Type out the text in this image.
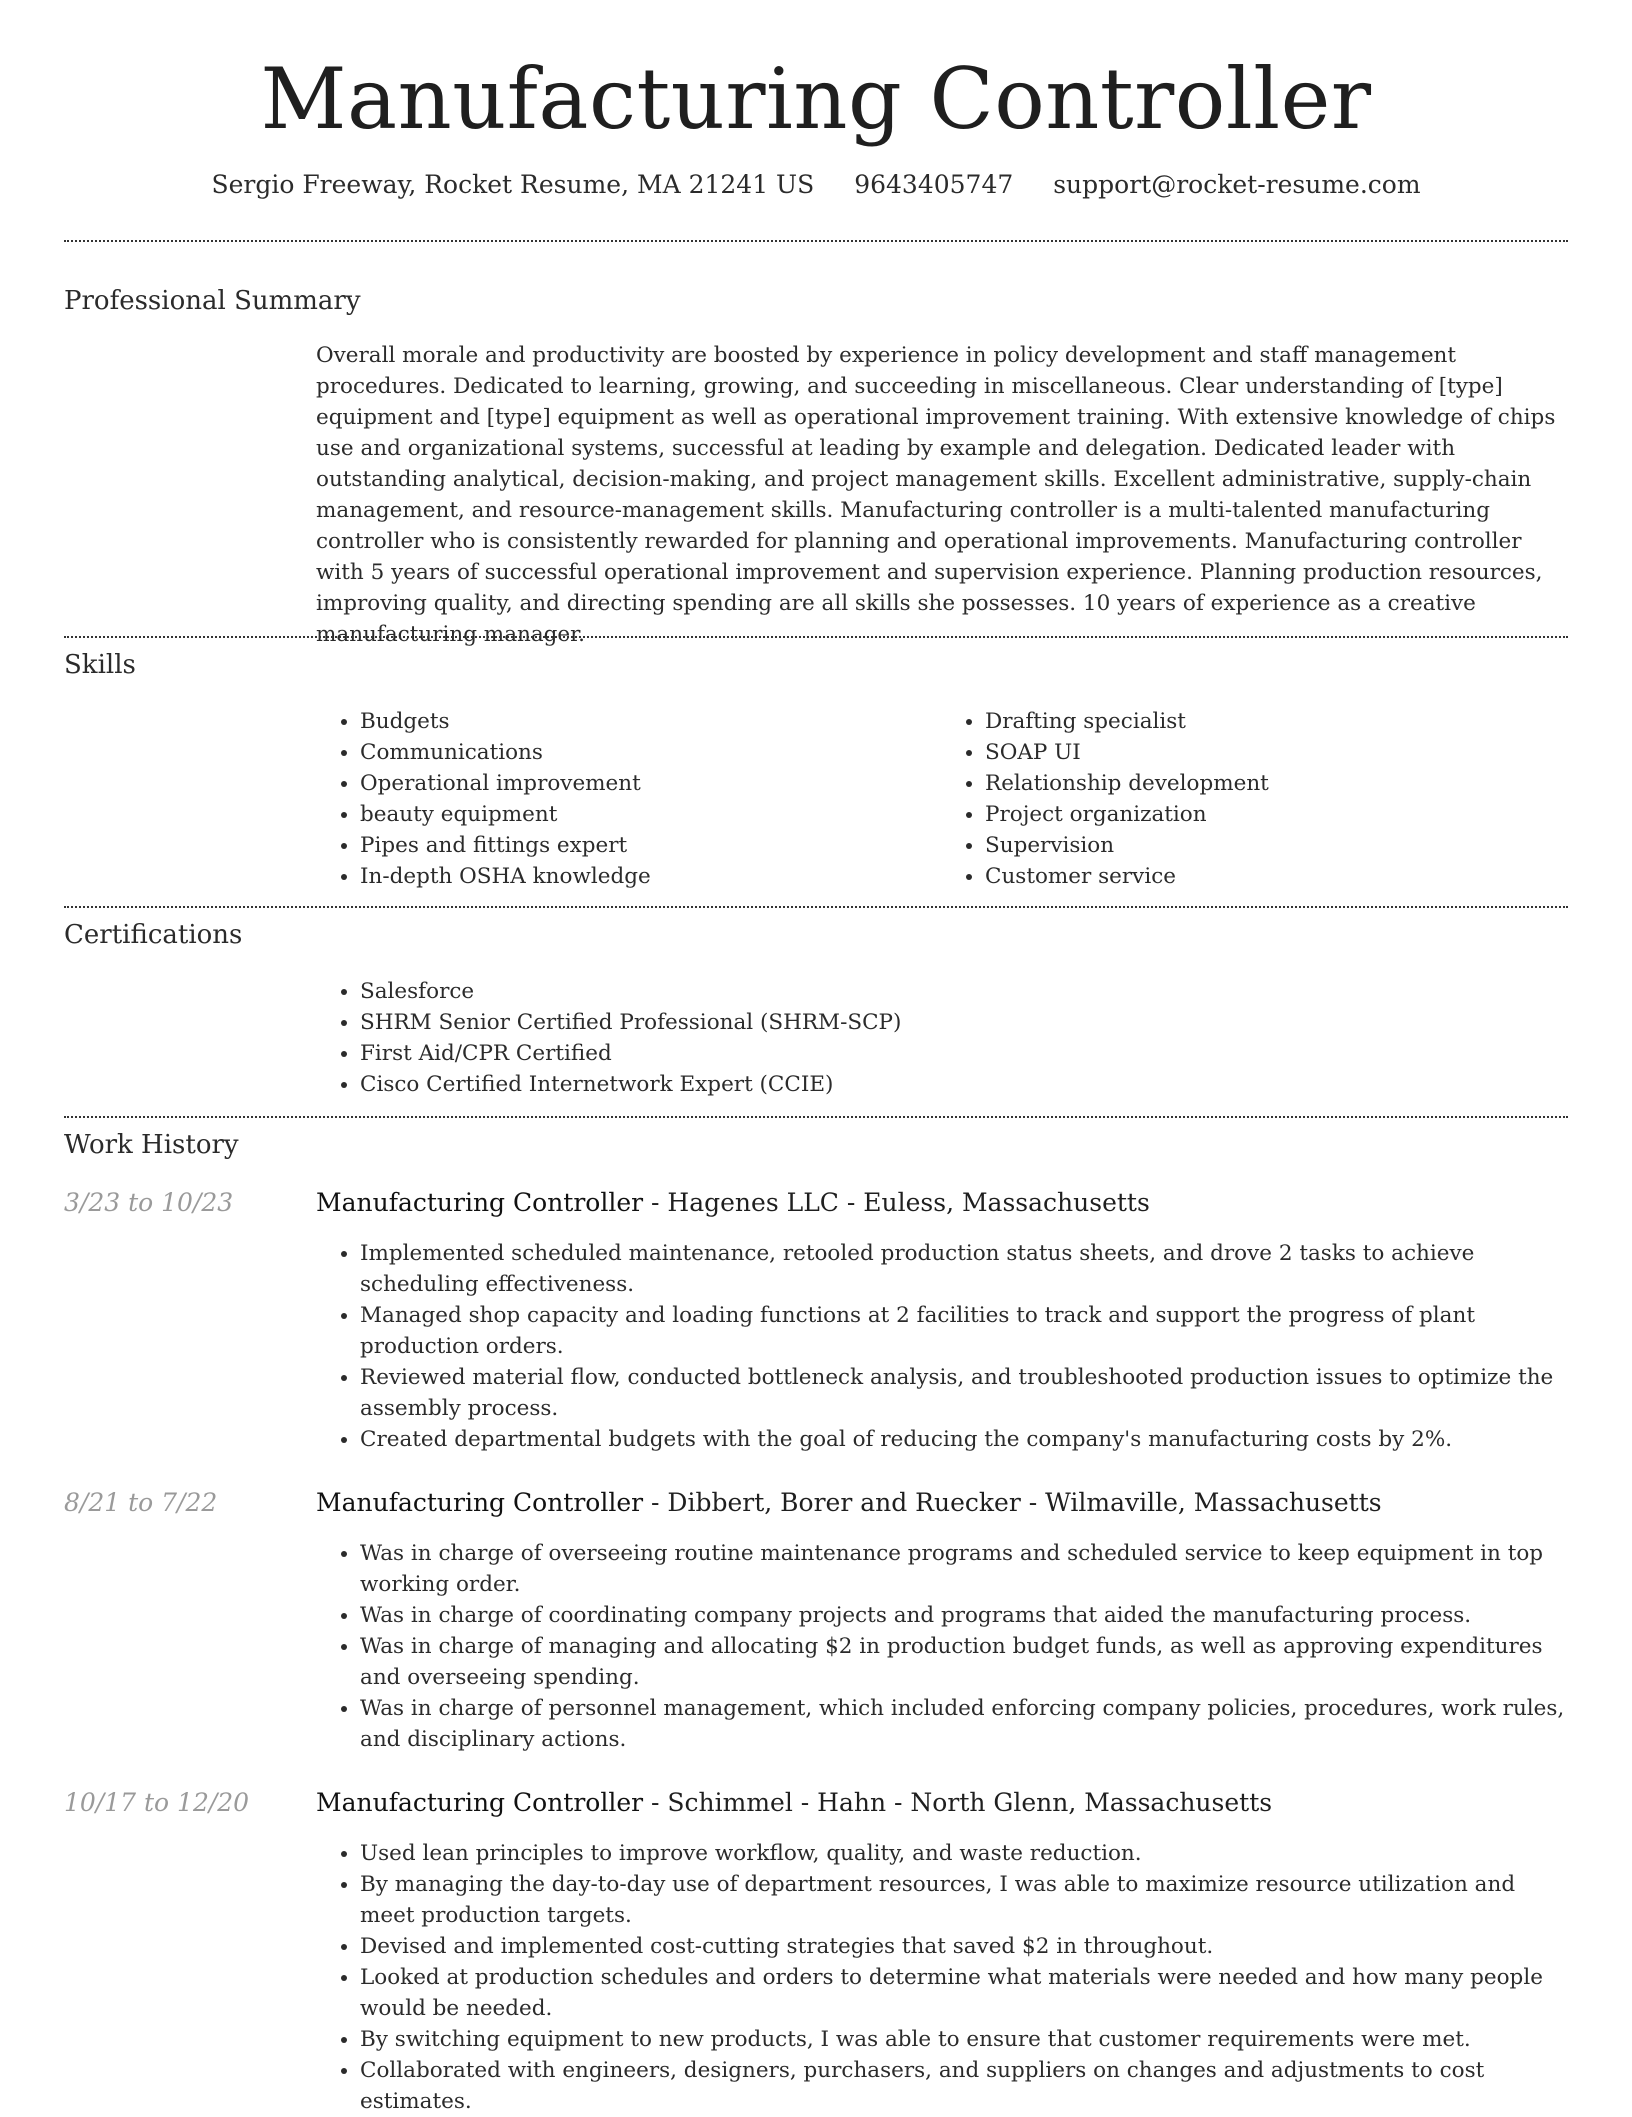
Manufacturing Controller
Sergio Freeway, Rocket Resume, MA 21241 US 9643405747 support@rocket-resume.com
Professional Summary

Overall morale and productivity are boosted by experience in policy development and staff management procedures. Dedicated to learning, growing, and succeeding in miscellaneous. Clear understanding of [type] equipment and [type] equipment as well as operational improvement training. With extensive knowledge of chips use and organizational systems, successful at leading by example and delegation. Dedicated leader with outstanding analytical, decision-making, and project management skills. Excellent administrative, supply-chain management, and resource-management skills. Manufacturing controller is a multi-talented manufacturing controller who is consistently rewarded for planning and operational improvements. Manufacturing controller with 5 years of successful operational improvement and supervision experience. Planning production resources, improving quality, and directing spending are all skills she possesses. 10 years of experience as a creative manufacturing manager.

Skills
• Budgets
• Communications
• Operational improvement
• beauty equipment
• Pipes and fittings expert
• In-depth OSHA knowledge
• Drafting specialist
• SOAP UI
• Relationship development
• Project organization
• Supervision
• Customer service
Certifications
• Salesforce
• SHRM Senior Certified Professional (SHRM-SCP)
• First Aid/CPR Certified
• Cisco Certified Internetwork Expert (CCIE)
Work History
3/23 to 10/23	Manufacturing Controller - Hagenes LLC - Euless, Massachusetts
• Implemented scheduled maintenance, retooled production status sheets, and drove 2 tasks to achieve scheduling effectiveness.
• Managed shop capacity and loading functions at 2 facilities to track and support the progress of plant production orders.
• Reviewed material flow, conducted bottleneck analysis, and troubleshooted production issues to optimize the assembly process.
• Created departmental budgets with the goal of reducing the company's manufacturing costs by 2%.
8/21 to 7/22	Manufacturing Controller - Dibbert, Borer and Ruecker - Wilmaville, Massachusetts
• Was in charge of overseeing routine maintenance programs and scheduled service to keep equipment in top working order.
• Was in charge of coordinating company projects and programs that aided the manufacturing process.
• Was in charge of managing and allocating $2 in production budget funds, as well as approving expenditures and overseeing spending.
• Was in charge of personnel management, which included enforcing company policies, procedures, work rules, and disciplinary actions.
10/17 to 12/20	Manufacturing Controller - Schimmel - Hahn - North Glenn, Massachusetts
• Used lean principles to improve workflow, quality, and waste reduction.
• By managing the day-to-day use of department resources, I was able to maximize resource utilization and meet production targets.
• Devised and implemented cost-cutting strategies that saved $2 in throughout.
• Looked at production schedules and orders to determine what materials were needed and how many people would be needed.
• By switching equipment to new products, I was able to ensure that customer requirements were met.
• Collaborated with engineers, designers, purchasers, and suppliers on changes and adjustments to cost estimates.
